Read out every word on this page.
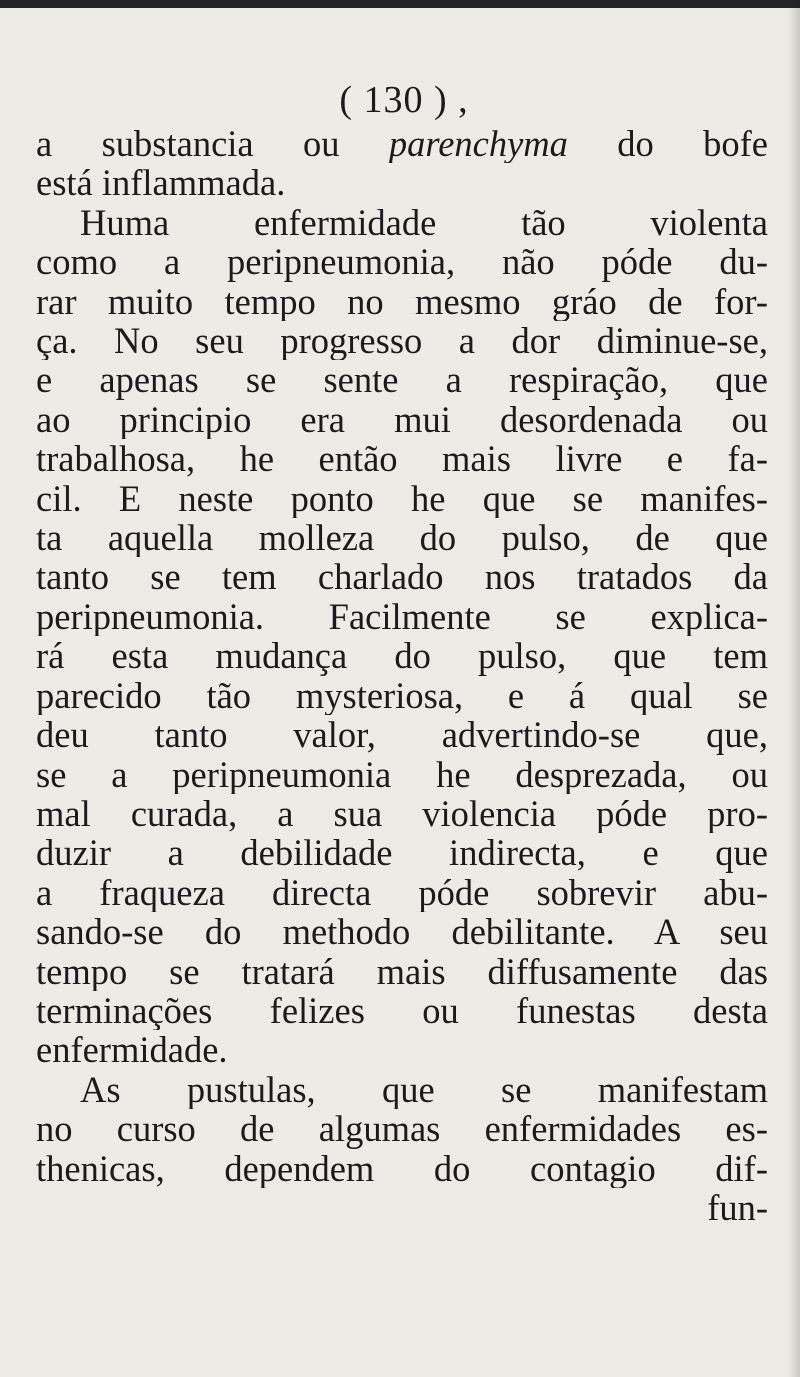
( 130 ) ,
a substancia ou parenchyma do bofe
está inflammada.
Huma enfermidade tão violenta
como a peripneumonia, não póde du-
rar muito tempo no mesmo gráo de for-
ça. No seu progresso a dor diminue-se,
e apenas se sente a respiração, que
ao principio era mui desordenada ou
trabalhosa, he então mais livre e fa-
cil. E neste ponto he que se manifes-
ta aquella molleza do pulso, de que
tanto se tem charlado nos tratados da
peripneumonia. Facilmente se explica-
rá esta mudança do pulso, que tem
parecido tão mysteriosa, e á qual se
deu tanto valor, advertindo-se que,
se a peripneumonia he desprezada, ou
mal curada, a sua violencia póde pro-
duzir a debilidade indirecta, e que
a fraqueza directa póde sobrevir abu-
sando-se do methodo debilitante. A seu
tempo se tratará mais diffusamente das
terminações felizes ou funestas desta
enfermidade.
As pustulas, que se manifestam
no curso de algumas enfermidades es-
thenicas, dependem do contagio dif-
fun-
